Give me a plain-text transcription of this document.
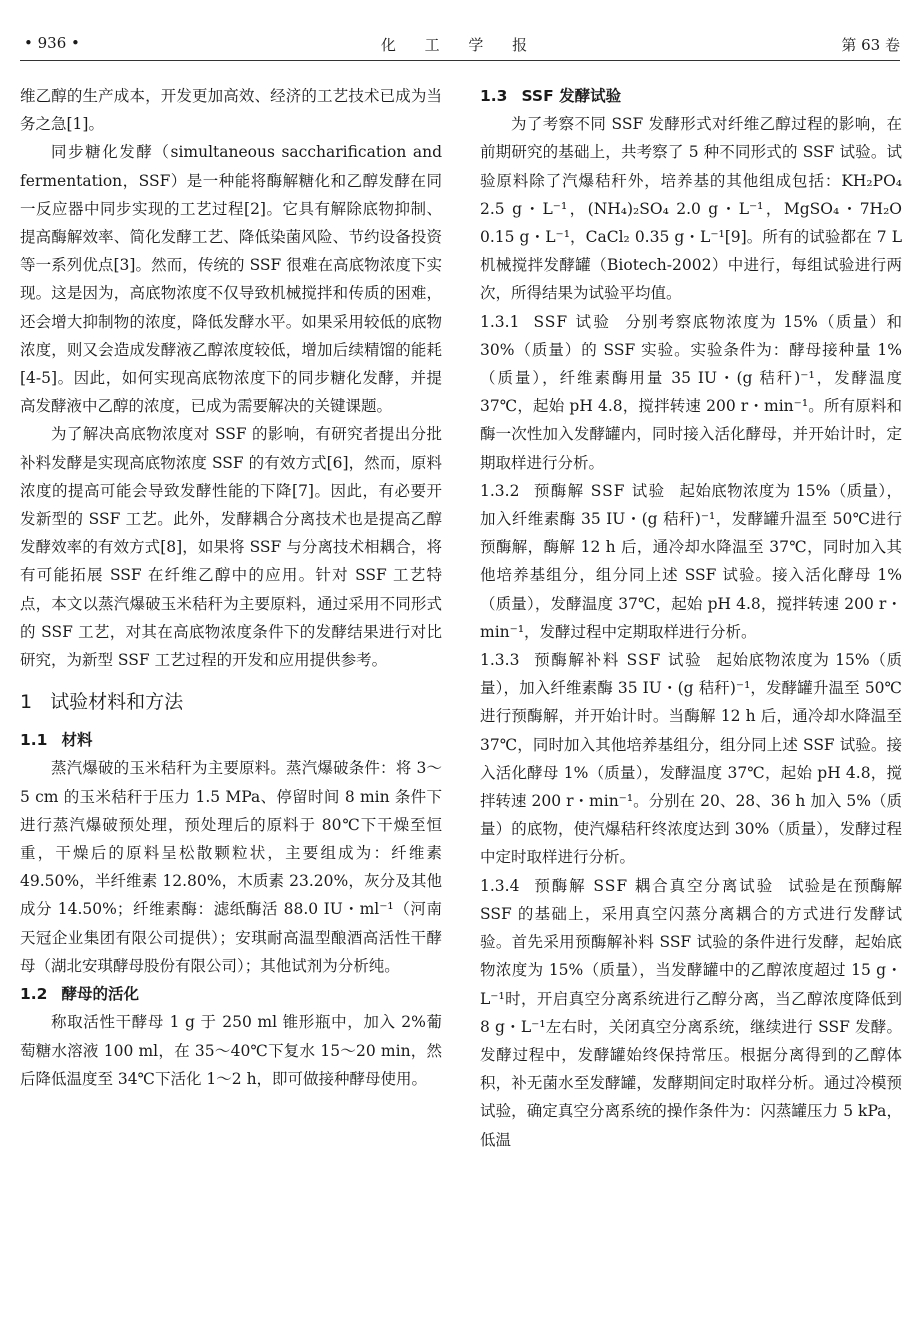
• 936 •	化 工 学 报	第 63 卷

维乙醇的生产成本，开发更加高效、经济的工艺技术已成为当务之急[1]。

同步糖化发酵（simultaneous saccharification and fermentation，SSF）是一种能将酶解糖化和乙醇发酵在同一反应器中同步实现的工艺过程[2]。它具有解除底物抑制、提高酶解效率、简化发酵工艺、降低染菌风险、节约设备投资等一系列优点[3]。然而，传统的 SSF 很难在高底物浓度下实现。这是因为，高底物浓度不仅导致机械搅拌和传质的困难，还会增大抑制物的浓度，降低发酵水平。如果采用较低的底物浓度，则又会造成发酵液乙醇浓度较低，增加后续精馏的能耗[4-5]。因此，如何实现高底物浓度下的同步糖化发酵，并提高发酵液中乙醇的浓度，已成为需要解决的关键课题。

为了解决高底物浓度对 SSF 的影响，有研究者提出分批补料发酵是实现高底物浓度 SSF 的有效方式[6]，然而，原料浓度的提高可能会导致发酵性能的下降[7]。因此，有必要开发新型的 SSF 工艺。此外，发酵耦合分离技术也是提高乙醇发酵效率的有效方式[8]，如果将 SSF 与分离技术相耦合，将有可能拓展 SSF 在纤维乙醇中的应用。针对 SSF 工艺特点，本文以蒸汽爆破玉米秸秆为主要原料，通过采用不同形式的 SSF 工艺，对其在高底物浓度条件下的发酵结果进行对比研究，为新型 SSF 工艺过程的开发和应用提供参考。

1 试验材料和方法
1.1 材料

蒸汽爆破的玉米秸秆为主要原料。蒸汽爆破条件：将 3～5 cm 的玉米秸秆于压力 1.5 MPa、停留时间 8 min 条件下进行蒸汽爆破预处理，预处理后的原料于 80℃下干燥至恒重，干燥后的原料呈松散颗粒状，主要组成为：纤维素 49.50%，半纤维素 12.80%，木质素 23.20%，灰分及其他成分 14.50%；纤维素酶：滤纸酶活 88.0 IU・ml⁻¹（河南天冠企业集团有限公司提供）；安琪耐高温型酿酒高活性干酵母（湖北安琪酵母股份有限公司）；其他试剂为分析纯。

1.2 酵母的活化

称取活性干酵母 1 g 于 250 ml 锥形瓶中，加入 2%葡萄糖水溶液 100 ml，在 35～40℃下复水 15～20 min，然后降低温度至 34℃下活化 1～2 h，即可做接种酵母使用。

1.3 SSF 发酵试验

为了考察不同 SSF 发酵形式对纤维乙醇过程的影响，在前期研究的基础上，共考察了 5 种不同形式的 SSF 试验。试验原料除了汽爆秸秆外，培养基的其他组成包括：KH₂PO₄ 2.5 g・L⁻¹，(NH₄)₂SO₄ 2.0 g・L⁻¹，MgSO₄・7H₂O 0.15 g・L⁻¹，CaCl₂ 0.35 g・L⁻¹[9]。所有的试验都在 7 L 机械搅拌发酵罐（Biotech-2002）中进行，每组试验进行两次，所得结果为试验平均值。

1.3.1 SSF 试验 分别考察底物浓度为 15%（质量）和 30%（质量）的 SSF 实验。实验条件为：酵母接种量 1%（质量），纤维素酶用量 35 IU・(g 秸秆)⁻¹，发酵温度 37℃，起始 pH 4.8，搅拌转速 200 r・min⁻¹。所有原料和酶一次性加入发酵罐内，同时接入活化酵母，并开始计时，定期取样进行分析。

1.3.2 预酶解 SSF 试验 起始底物浓度为 15%（质量），加入纤维素酶 35 IU・(g 秸秆)⁻¹，发酵罐升温至 50℃进行预酶解，酶解 12 h 后，通冷却水降温至 37℃，同时加入其他培养基组分，组分同上述 SSF 试验。接入活化酵母 1%（质量），发酵温度 37℃，起始 pH 4.8，搅拌转速 200 r・min⁻¹，发酵过程中定期取样进行分析。

1.3.3 预酶解补料 SSF 试验 起始底物浓度为 15%（质量），加入纤维素酶 35 IU・(g 秸秆)⁻¹，发酵罐升温至 50℃进行预酶解，并开始计时。当酶解 12 h 后，通冷却水降温至 37℃，同时加入其他培养基组分，组分同上述 SSF 试验。接入活化酵母 1%（质量），发酵温度 37℃，起始 pH 4.8，搅拌转速 200 r・min⁻¹。分别在 20、28、36 h 加入 5%（质量）的底物，使汽爆秸秆终浓度达到 30%（质量），发酵过程中定时取样进行分析。

1.3.4 预酶解 SSF 耦合真空分离试验 试验是在预酶解 SSF 的基础上，采用真空闪蒸分离耦合的方式进行发酵试验。首先采用预酶解补料 SSF 试验的条件进行发酵，起始底物浓度为 15%（质量），当发酵罐中的乙醇浓度超过 15 g・L⁻¹时，开启真空分离系统进行乙醇分离，当乙醇浓度降低到 8 g・L⁻¹左右时，关闭真空分离系统，继续进行 SSF 发酵。发酵过程中，发酵罐始终保持常压。根据分离得到的乙醇体积，补无菌水至发酵罐，发酵期间定时取样分析。通过冷模预试验，确定真空分离系统的操作条件为：闪蒸罐压力 5 kPa，低温
